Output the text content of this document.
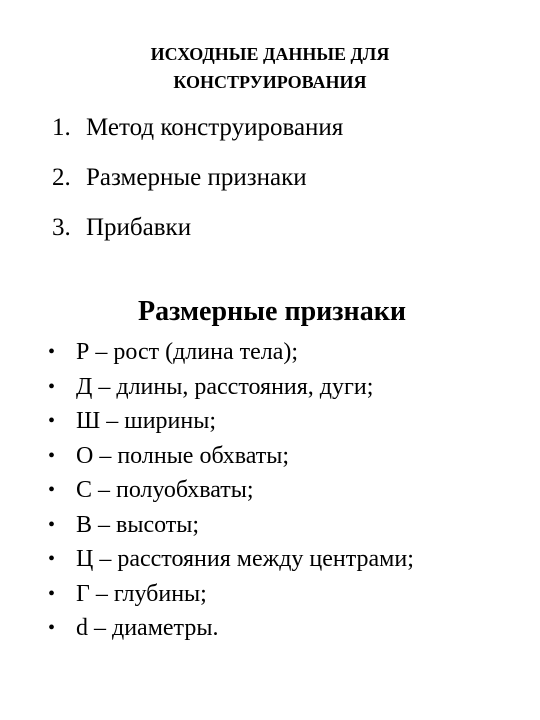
ИСХОДНЫЕ ДАННЫЕ ДЛЯ
КОНСТРУИРОВАНИЯ
1. Метод конструирования
2. Размерные признаки
3. Прибавки
Размерные признаки
• Р – рост (длина тела);
• Д – длины, расстояния, дуги;
• Ш – ширины;
• О – полные обхваты;
• С – полуобхваты;
• В – высоты;
• Ц – расстояния между центрами;
• Г – глубины;
• d – диаметры.
